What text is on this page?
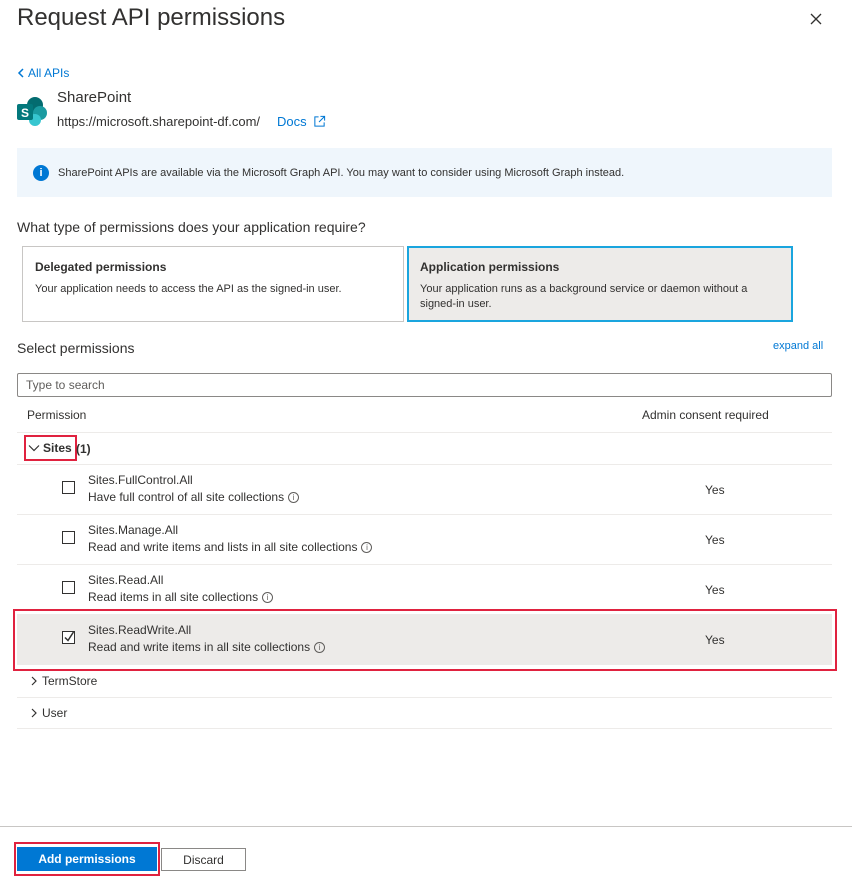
Request API permissions
All APIs
S
SharePoint
https://microsoft.sharepoint-df.com/ Docs
i	SharePoint APIs are available via the Microsoft Graph API. You may want to consider using Microsoft Graph instead.
What type of permissions does your application require?
Delegated permissions
Your application needs to access the API as the signed-in user.
Application permissions
Your application runs as a background service or daemon without a signed-in user.
Select permissions	expand all
Type to search
Permission	Admin consent required
Sites (1)
Sites.FullControl.All
Have full control of all site collections	i	Yes
Sites.Manage.All
Read and write items and lists in all site collections	i	Yes
Sites.Read.All
Read items in all site collections	i	Yes
Sites.ReadWrite.All
Read and write items in all site collections	i	Yes
TermStore
User
Add permissions	Discard
